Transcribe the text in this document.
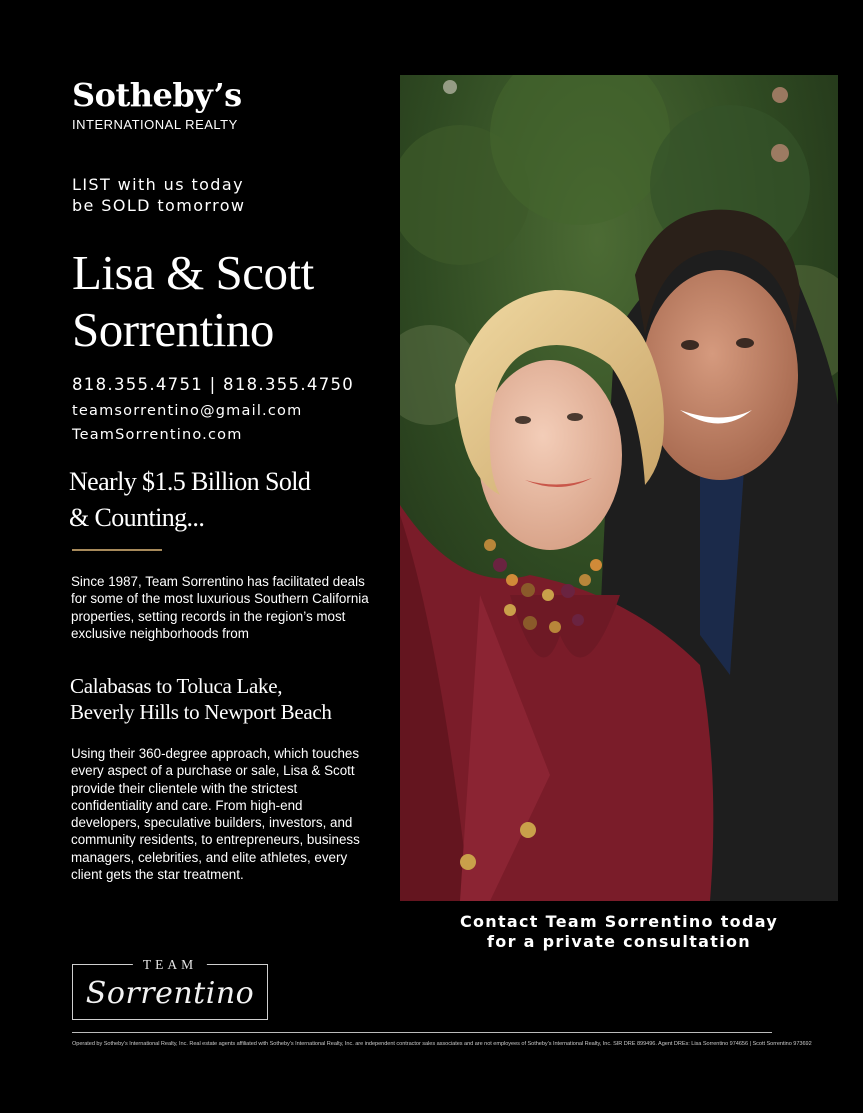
Sotheby’s
INTERNATIONAL REALTY
LIST with us today
be SOLD tomorrow
Lisa & Scott
Sorrentino
818.355.4751 | 818.355.4750
teamsorrentino@gmail.com
TeamSorrentino.com
Nearly $1.5 Billion Sold
& Counting...
Since 1987, Team Sorrentino has facilitated deals for some of the most luxurious Southern California properties, setting records in the region’s most exclusive neighborhoods from
Calabasas to Toluca Lake,
Beverly Hills to Newport Beach
Using their 360-degree approach, which touches every aspect of a purchase or sale, Lisa & Scott provide their clientele with the strictest confidentiality and care. From high-end developers, speculative builders, investors, and community residents, to entrepreneurs, business managers, celebrities, and elite athletes, every client gets the star treatment.
Contact Team Sorrentino today
for a private consultation
TEAM
Sorrentino
Operated by Sotheby’s International Realty, Inc. Real estate agents affiliated with Sotheby’s International Realty, Inc. are independent contractor sales associates and are not employees of Sotheby’s International Realty, Inc. SIR DRE 899496. Agent DREs: Lisa Sorrentino 974656 | Scott Sorrentino 973692
